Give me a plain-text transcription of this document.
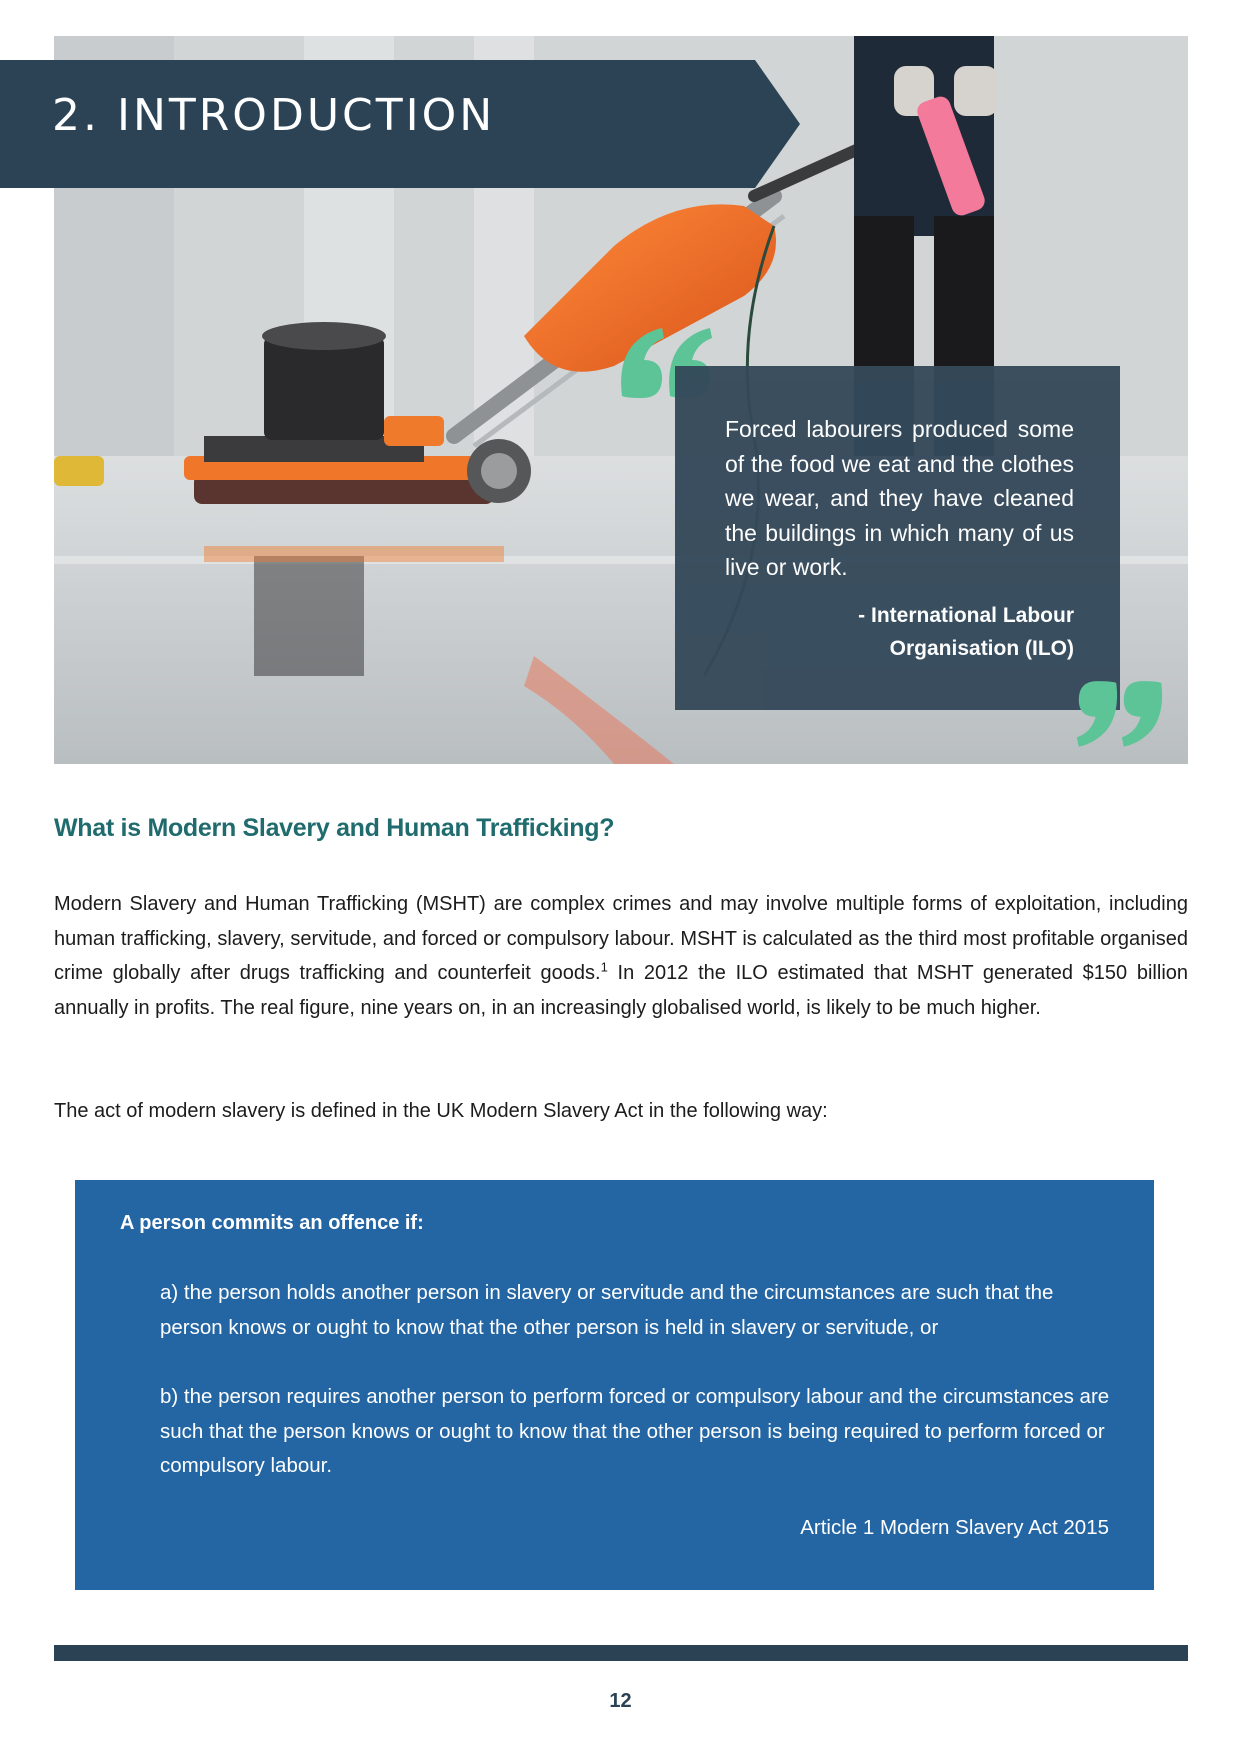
2. INTRODUCTION

Forced labourers produced some of the food we eat and the clothes we wear, and they have cleaned the buildings in which many of us live or work.

- International Labour
Organisation (ILO)

What is Modern Slavery and Human Trafficking?

Modern Slavery and Human Trafficking (MSHT) are complex crimes and may involve multiple forms of exploitation, including human trafficking, slavery, servitude, and forced or compulsory labour. MSHT is calculated as the third most profitable organised crime globally after drugs trafficking and counterfeit goods.$^1$ In 2012 the ILO estimated that MSHT generated $150 billion annually in profits. The real figure, nine years on, in an increasingly globalised world, is likely to be much higher.

The act of modern slavery is defined in the UK Modern Slavery Act in the following way:

A person commits an offence if:

a) the person holds another person in slavery or servitude and the circumstances are such that the person knows or ought to know that the other person is held in slavery or servitude, or

b) the person requires another person to perform forced or compulsory labour and the circumstances are such that the person knows or ought to know that the other person is being required to perform forced or compulsory labour.

Article 1 Modern Slavery Act 2015

12
